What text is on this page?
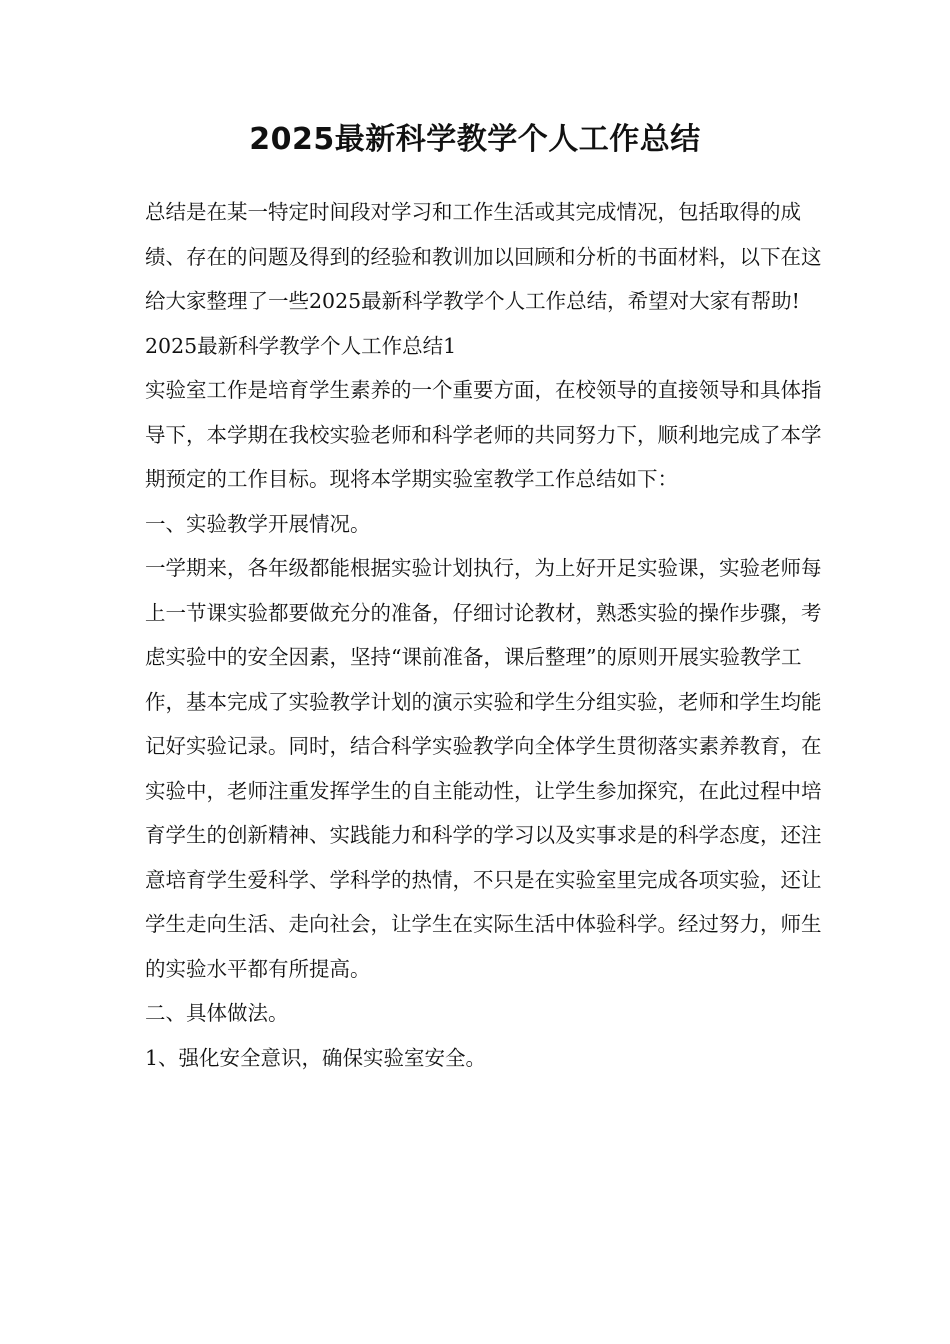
2025最新科学教学个人工作总结

总结是在某一特定时间段对学习和工作生活或其完成情况，包括取得的成绩、存在的问题及得到的经验和教训加以回顾和分析的书面材料，以下在这给大家整理了一些2025最新科学教学个人工作总结，希望对大家有帮助!

2025最新科学教学个人工作总结1

实验室工作是培育学生素养的一个重要方面，在校领导的直接领导和具体指导下，本学期在我校实验老师和科学老师的共同努力下，顺利地完成了本学期预定的工作目标。现将本学期实验室教学工作总结如下：

一、实验教学开展情况。

一学期来，各年级都能根据实验计划执行，为上好开足实验课，实验老师每上一节课实验都要做充分的准备，仔细讨论教材，熟悉实验的操作步骤，考虑实验中的安全因素，坚持“课前准备，课后整理”的原则开展实验教学工作，基本完成了实验教学计划的演示实验和学生分组实验，老师和学生均能记好实验记录。同时，结合科学实验教学向全体学生贯彻落实素养教育，在实验中，老师注重发挥学生的自主能动性，让学生参加探究，在此过程中培育学生的创新精神、实践能力和科学的学习以及实事求是的科学态度，还注意培育学生爱科学、学科学的热情，不只是在实验室里完成各项实验，还让学生走向生活、走向社会，让学生在实际生活中体验科学。经过努力，师生的实验水平都有所提高。

二、具体做法。

1、强化安全意识，确保实验室安全。
